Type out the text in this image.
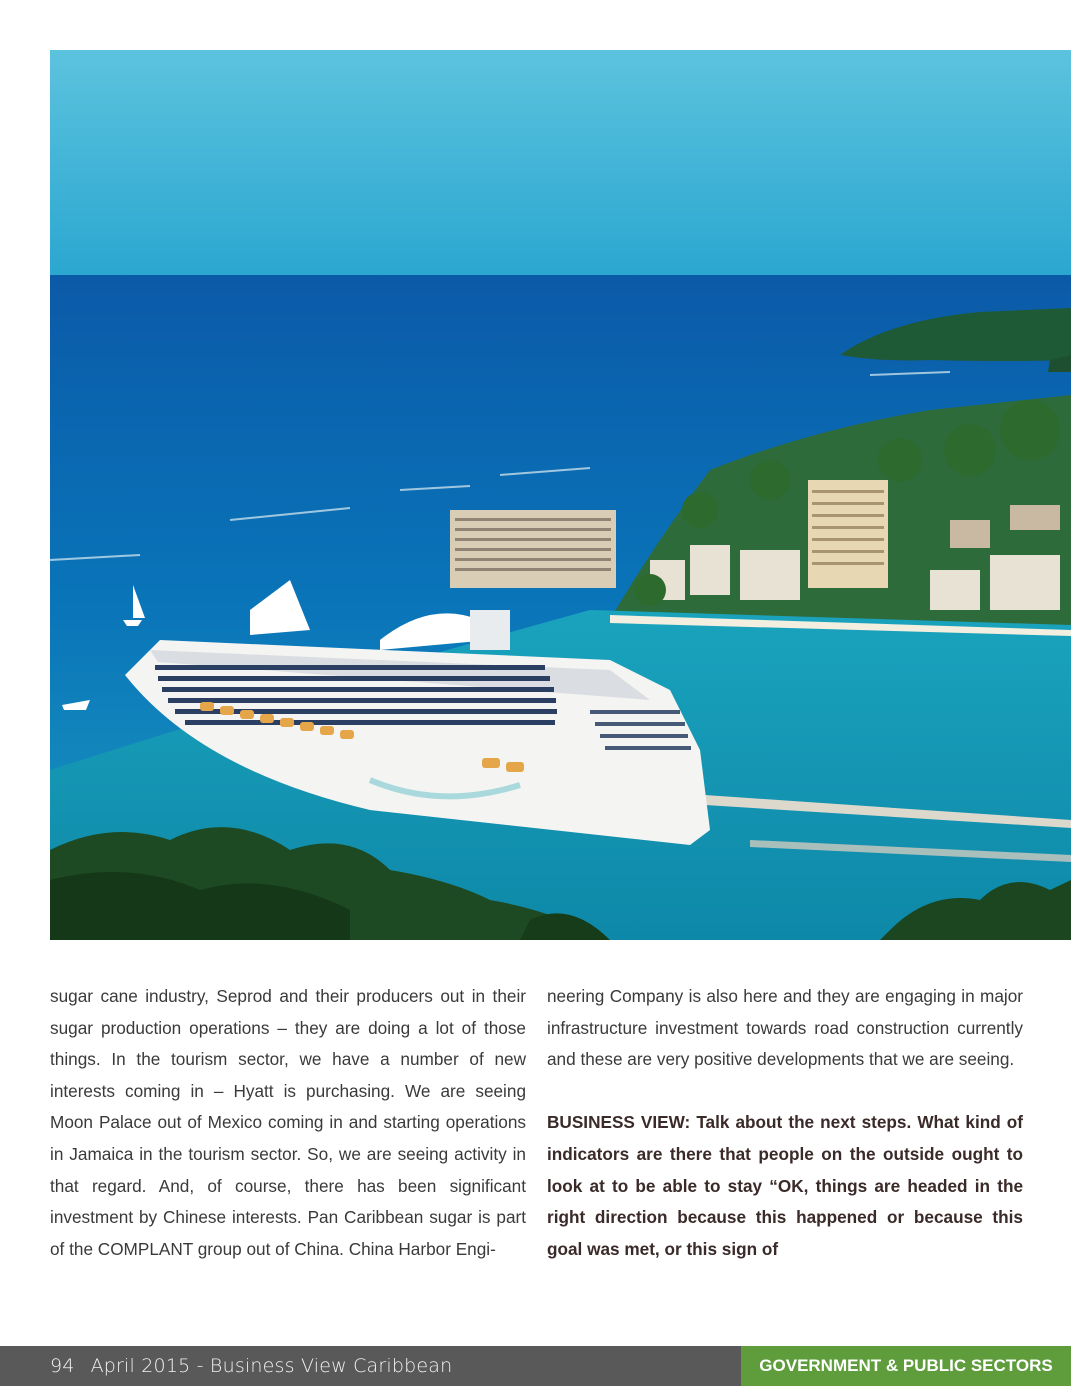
sugar cane industry, Seprod and their producers out in their sugar production operations – they are doing a lot of those things. In the tourism sector, we have a number of new interests coming in – Hyatt is purchasing. We are seeing Moon Palace out of Mexico coming in and starting operations in Jamaica in the tourism sector. So, we are seeing activity in that regard. And, of course, there has been significant investment by Chinese interests. Pan Caribbean sugar is part of the COMPLANT group out of China. China Harbor Engi-

neering Company is also here and they are engaging in major infrastructure investment towards road construction currently and these are very positive developments that we are seeing.

BUSINESS VIEW: Talk about the next steps. What kind of indicators are there that people on the outside ought to look at to be able to stay “OK, things are headed in the right direction because this happened or because this goal was met, or this sign of

94 April 2015 - Business View Caribbean	GOVERNMENT & PUBLIC SECTORS
